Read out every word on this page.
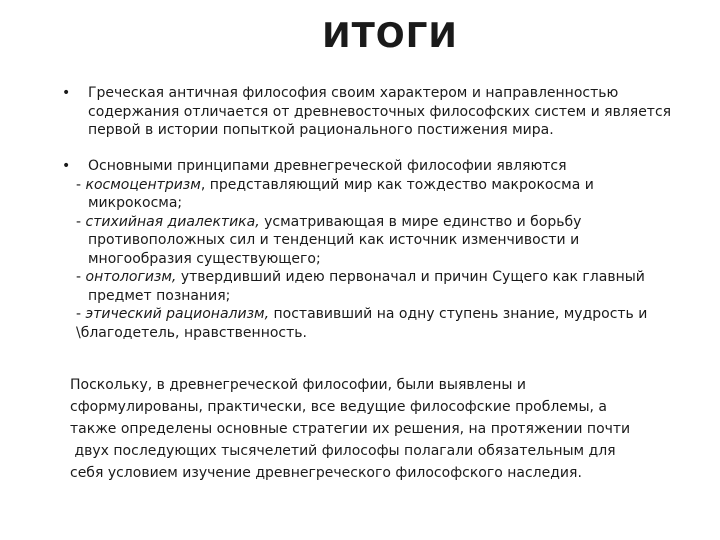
ИТОГИ
• Греческая античная философия своим характером и направленностью
содержания отличается от древневосточных философских систем и является
первой в истории попыткой рационального постижения мира.
• Основными принципами древнегреческой философии являются
- космоцентризм, представляющий мир как тождество макрокосма и
микрокосма;
- стихийная диалектика, усматривающая в мире единство и борьбу
противоположных сил и тенденций как источник изменчивости и
многообразия существующего;
- онтологизм, утвердивший идею первоначал и причин Сущего как главный
предмет познания;
- этический рационализм, поставивший на одну ступень знание, мудрость и
\благодетель, нравственность.
Поскольку, в древнегреческой философии, были выявлены и
сформулированы, практически, все ведущие философские проблемы, а
также определены основные стратегии их решения, на протяжении почти
двух последующих тысячелетий философы полагали обязательным для
себя условием изучение древнегреческого философского наследия.
